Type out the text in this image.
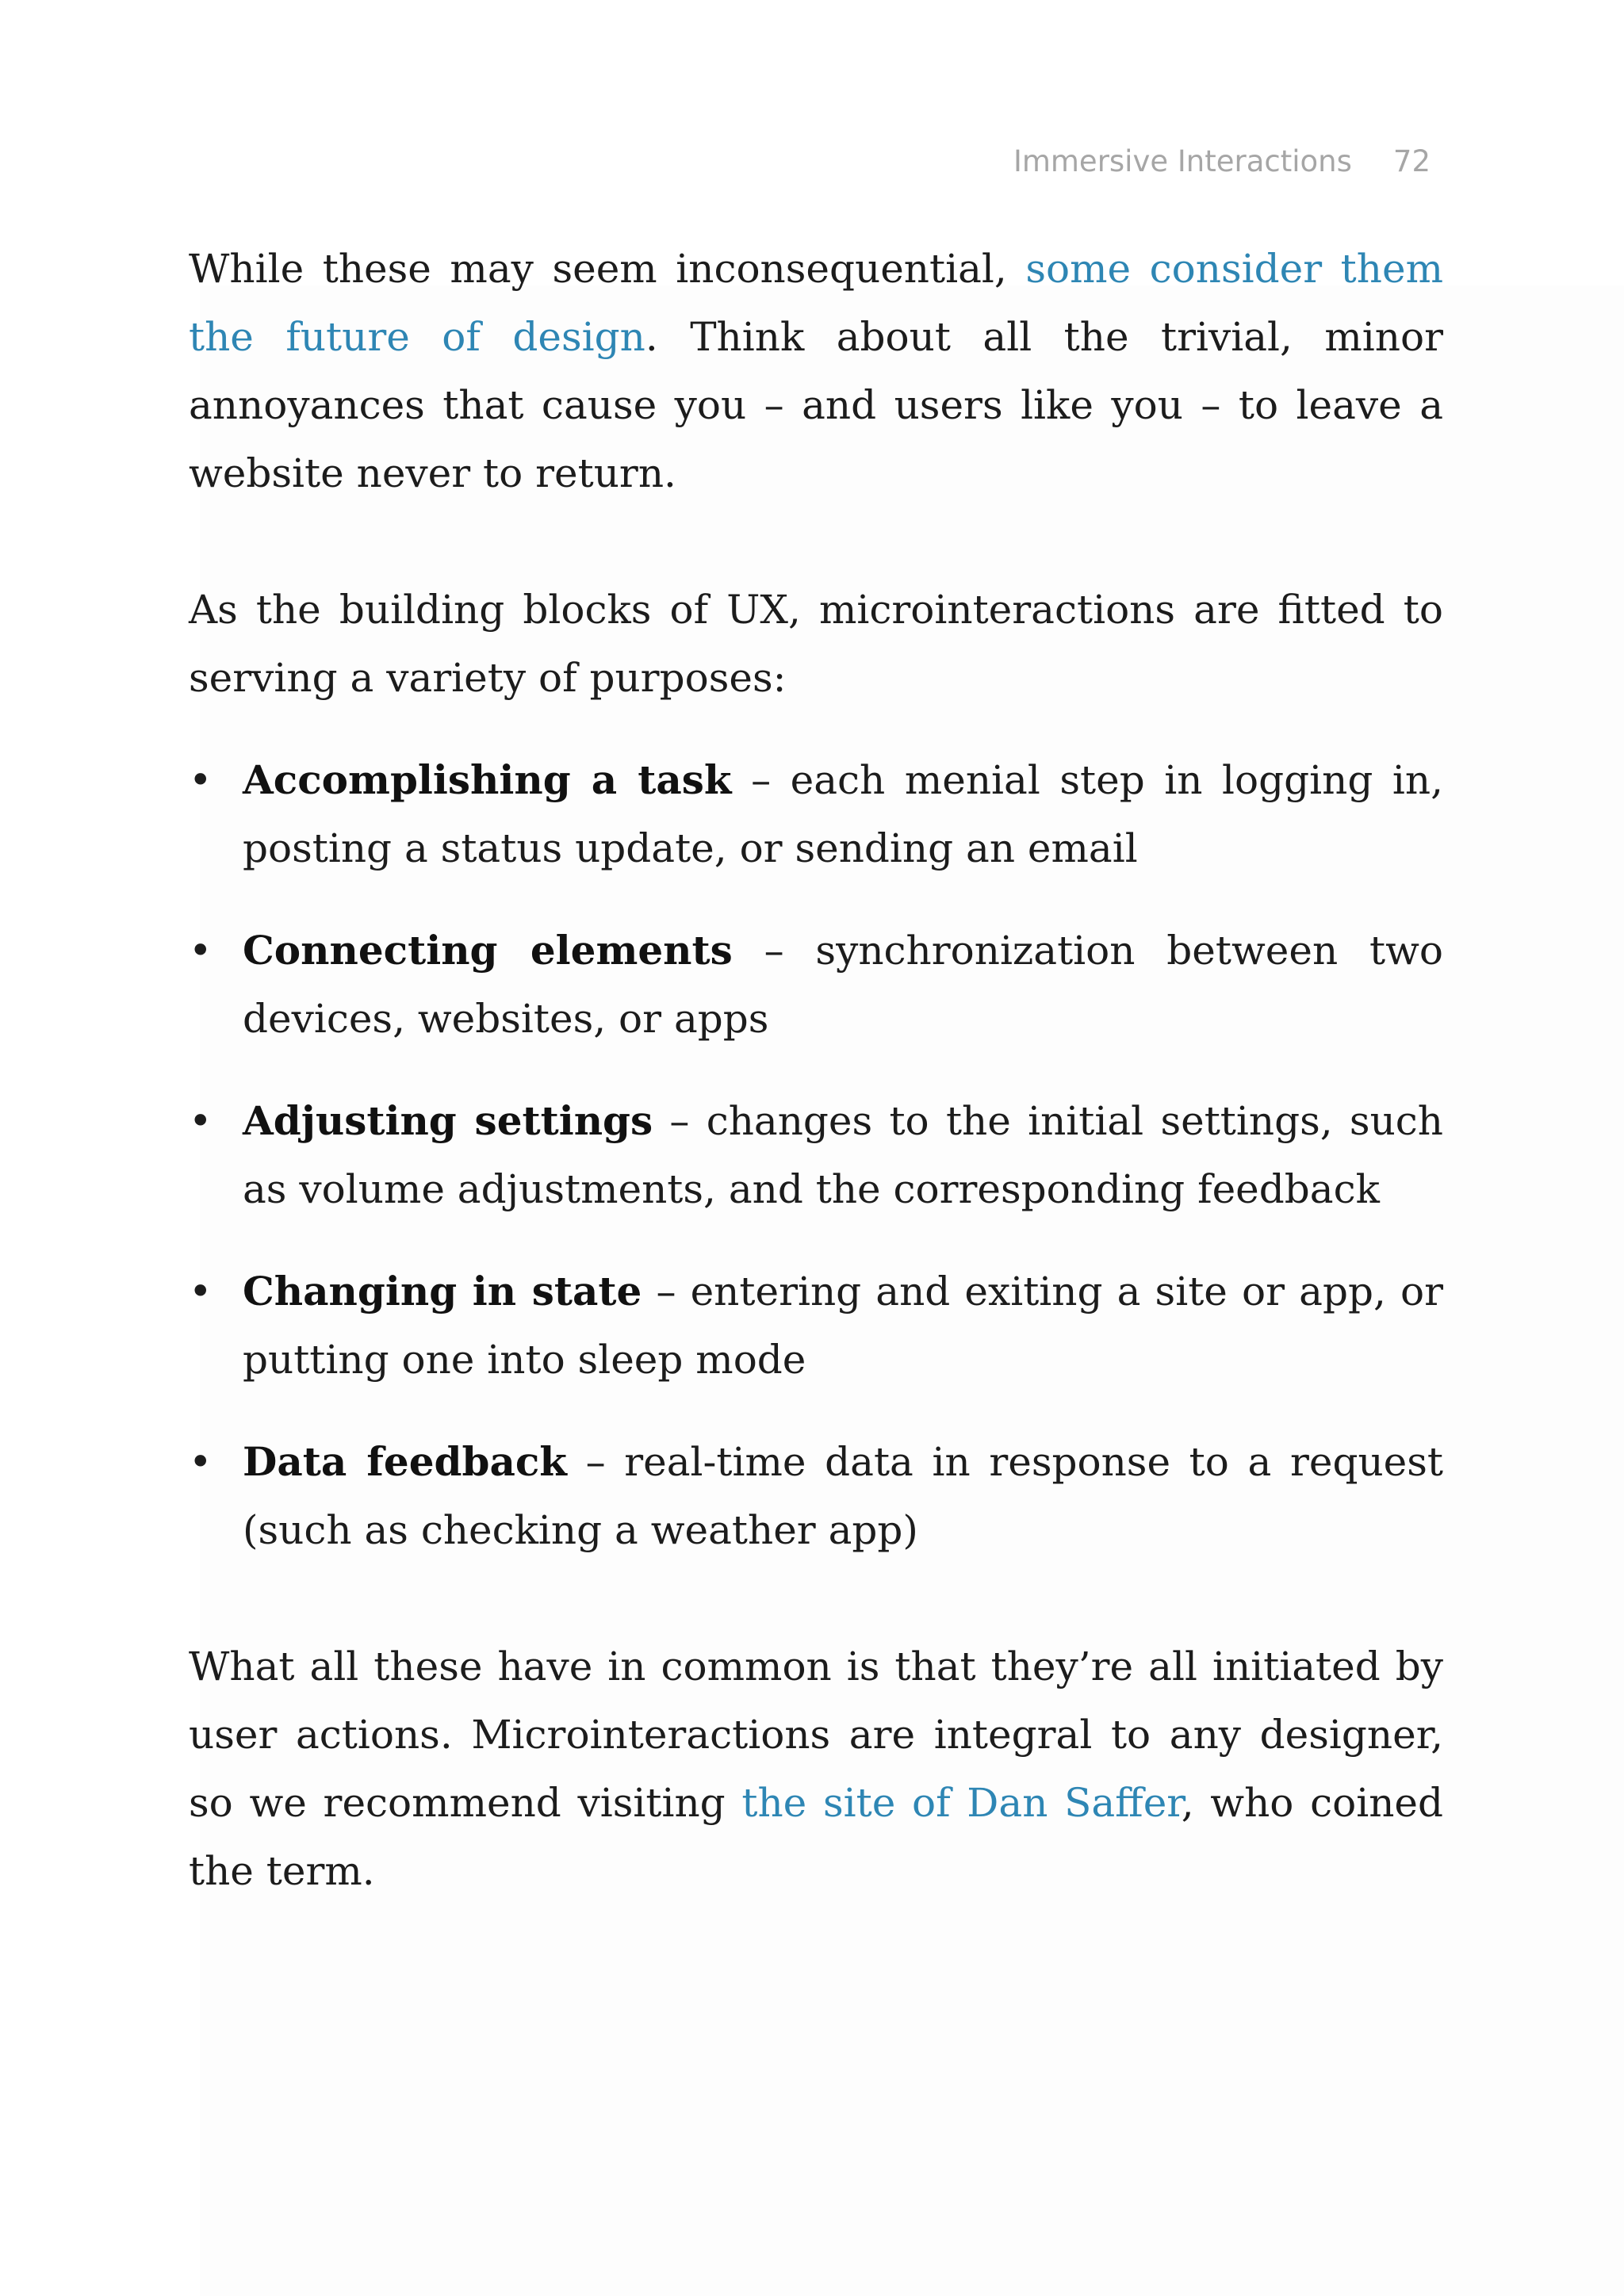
Immersive Interactions 72

While these may seem inconsequential, some consider them the future of design. Think about all the trivial, minor annoyances that cause you – and users like you – to leave a website never to return.

As the building blocks of UX, microinteractions are fitted to serving a variety of purposes:

• Accomplishing a task – each menial step in logging in, posting a status update, or sending an email
• Connecting elements – synchronization between two devices, websites, or apps
• Adjusting settings – changes to the initial settings, such as volume adjustments, and the corresponding feedback
• Changing in state – entering and exiting a site or app, or putting one into sleep mode
• Data feedback – real-time data in response to a request (such as checking a weather app)

What all these have in common is that they’re all initiated by user actions. Microinteractions are integral to any designer, so we recommend visiting the site of Dan Saffer, who coined the term.
